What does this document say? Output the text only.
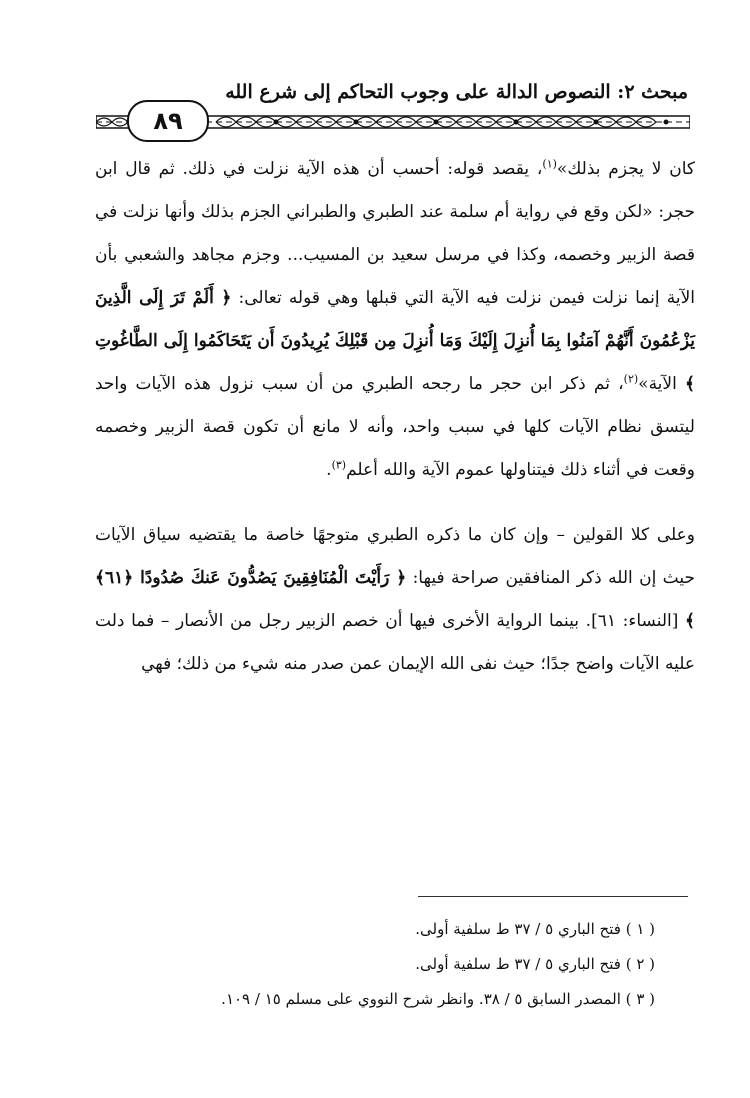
مبحث ٢: النصوص الدالة على وجوب التحاكم إلى شرع الله
٨٩

كان لا يجزم بذلك»$^{(١)}$، يقصد قوله: أحسب أن هذه الآية نزلت في ذلك. ثم قال ابن حجر: «لكن وقع في رواية أم سلمة عند الطبري والطبراني الجزم بذلك وأنها نزلت في قصة الزبير وخصمه، وكذا في مرسل سعيد بن المسيب... وجزم مجاهد والشعبي بأن الآية إنما نزلت فيمن نزلت فيه الآية التي قبلها وهي قوله تعالى: ﴿ أَلَمْ تَرَ إِلَى الَّذِينَ يَزْعُمُونَ أَنَّهُمْ آمَنُوا بِمَا أُنزِلَ إِلَيْكَ وَمَا أُنزِلَ مِن قَبْلِكَ يُرِيدُونَ أَن يَتَحَاكَمُوا إِلَى الطَّاغُوتِ ﴾ الآية»$^{(٢)}$، ثم ذكر ابن حجر ما رجحه الطبري من أن سبب نزول هذه الآيات واحد ليتسق نظام الآيات كلها في سبب واحد، وأنه لا مانع أن تكون قصة الزبير وخصمه وقعت في أثناء ذلك فيتناولها عموم الآية والله أعلم$^{(٣)}$.

وعلى كلا القولين – وإن كان ما ذكره الطبري متوجهًا خاصة ما يقتضيه سياق الآيات حيث إن الله ذكر المنافقين صراحة فيها: ﴿ رَأَيْتَ الْمُنَافِقِينَ يَصُدُّونَ عَنكَ صُدُودًا ﴿٦١﴾ ﴾ [النساء: ٦١]. بينما الرواية الأخرى فيها أن خصم الزبير رجل من الأنصار – فما دلت عليه الآيات واضح جدًا؛ حيث نفى الله الإيمان عمن صدر منه شيء من ذلك؛ فهي

( ١ ) فتح الباري ٥ / ٣٧ ط سلفية أولى.
( ٢ ) فتح الباري ٥ / ٣٧ ط سلفية أولى.
( ٣ ) المصدر السابق ٥ / ٣٨. وانظر شرح النووي على مسلم ١٥ / ١٠٩.
